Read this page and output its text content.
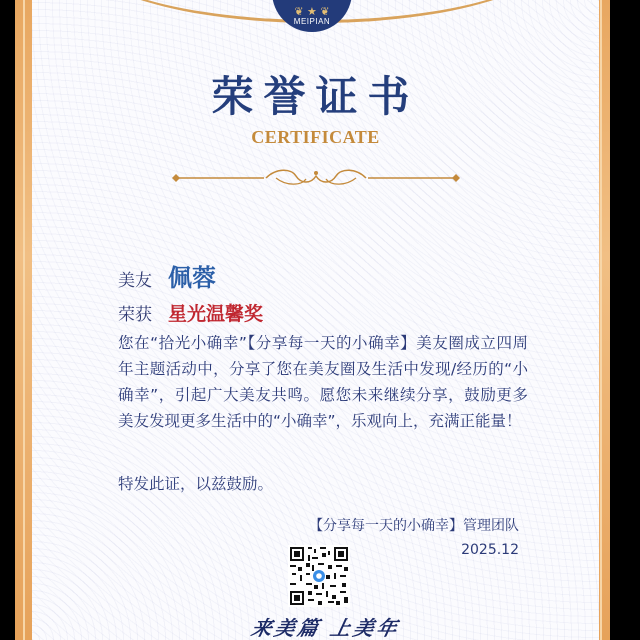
❦ ★ ❦
MEIPIAN
荣誉证书
CERTIFICATE
美友 佩蓉
荣获 星光温馨奖
您在“拾光小确幸”【分享每一天的小确幸】美友圈成立四周年主题活动中，分享了您在美友圈及生活中发现/经历的“小确幸”，引起广大美友共鸣。愿您未来继续分享，鼓励更多美友发现更多生活中的“小确幸”，乐观向上，充满正能量！
特发此证，以兹鼓励。
【分享每一天的小确幸】管理团队
2025.12
来美篇 上美年
